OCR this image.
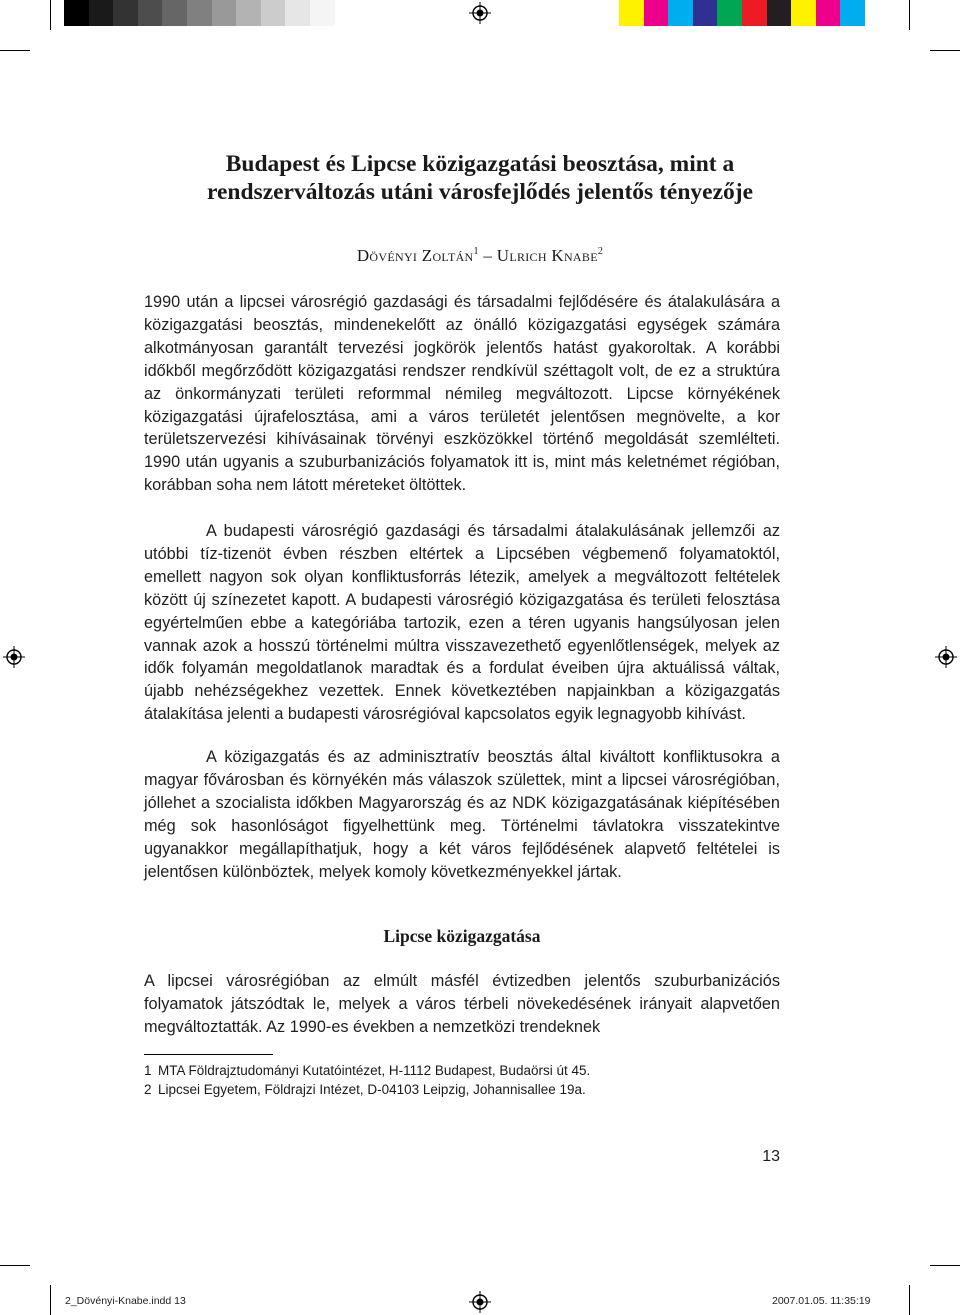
Budapest és Lipcse közigazgatási beosztása, mint a
rendszerváltozás utáni városfejlődés jelentős tényezője
Dövényi Zoltán$^1$ – Ulrich Knabe$^2$

1990 után a lipcsei városrégió gazdasági és társadalmi fejlődésére és átalakulására a közigazgatási beosztás, mindenekelőtt az önálló közigazgatási egységek számára alkotmányosan garantált tervezési jogkörök jelentős hatást gyakoroltak. A korábbi időkből megőrződött közigazgatási rendszer rendkívül széttagolt volt, de ez a struktúra az önkormányzati területi reformmal némileg megváltozott. Lipcse környékének közigazgatási újrafelosztása, ami a város területét jelentősen megnövelte, a kor területszervezési kihívásainak törvényi eszközökkel történő megoldását szemlélteti. 1990 után ugyanis a szuburbanizációs folyamatok itt is, mint más keletnémet régióban, korábban soha nem látott méreteket öltöttek.

A budapesti városrégió gazdasági és társadalmi átalakulásának jellemzői az utóbbi tíz-tizenöt évben részben eltértek a Lipcsében végbemenő folyamatoktól, emellett nagyon sok olyan konfliktusforrás létezik, amelyek a megváltozott feltételek között új színezetet kapott. A budapesti városrégió közigazgatása és területi felosztása egyértelműen ebbe a kategóriába tartozik, ezen a téren ugyanis hangsúlyosan jelen vannak azok a hosszú történelmi múltra visszavezethető egyenlőtlenségek, melyek az idők folyamán megoldatlanok maradtak és a fordulat éveiben újra aktuálissá váltak, újabb nehézségekhez vezettek. Ennek következtében napjainkban a közigazgatás átalakítása jelenti a budapesti városrégióval kapcsolatos egyik legnagyobb kihívást.

A közigazgatás és az adminisztratív beosztás által kiváltott konfliktusokra a magyar fővárosban és környékén más válaszok születtek, mint a lipcsei városrégióban, jóllehet a szocialista időkben Magyarország és az NDK közigazgatásának kiépítésében még sok hasonlóságot figyelhettünk meg. Történelmi távlatokra visszatekintve ugyanakkor megállapíthatjuk, hogy a két város fejlődésének alapvető feltételei is jelentősen különböztek, melyek komoly következményekkel jártak.

Lipcse közigazgatása

A lipcsei városrégióban az elmúlt másfél évtizedben jelentős szuburbanizációs folyamatok játszódtak le, melyek a város térbeli növekedésének irányait alapvetően megváltoztatták. Az 1990-es években a nemzetközi trendeknek

1 MTA Földrajztudományi Kutatóintézet, H-1112 Budapest, Budaörsi út 45.
2 Lipcsei Egyetem, Földrajzi Intézet, D-04103 Leipzig, Johannisallee 19a.
13
2_Dövényi-Knabe.indd 13	2007.01.05. 11:35:19
